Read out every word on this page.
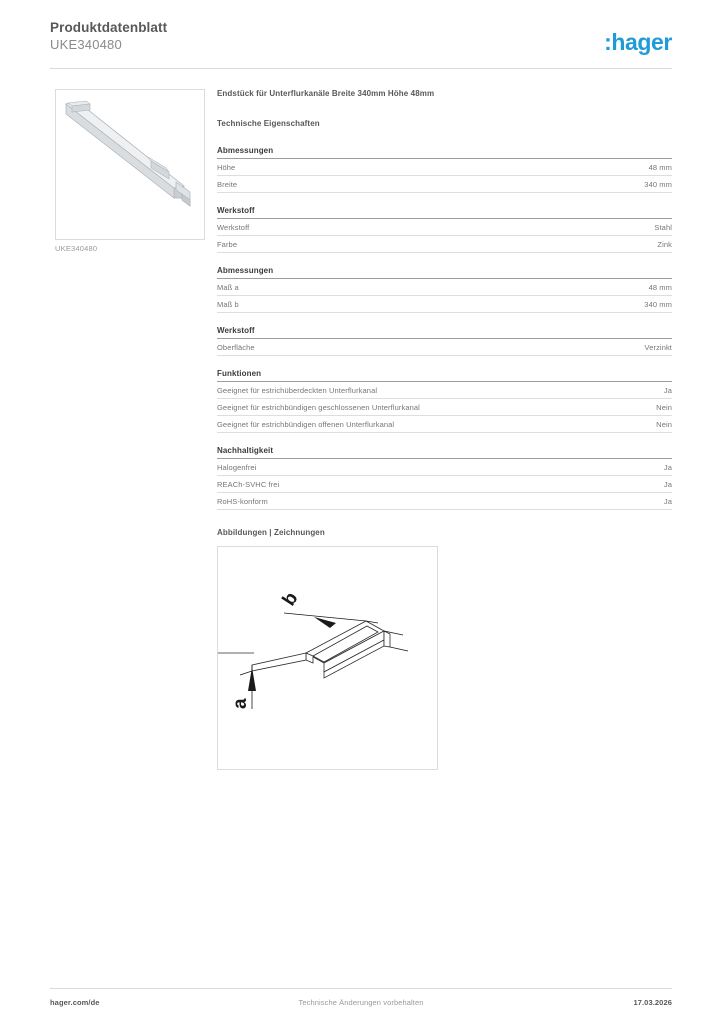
Produktdatenblatt
UKE340480	:hager
UKE340480
Endstück für Unterflurkanäle Breite 340mm Höhe 48mm
Technische Eigenschaften
Abmessungen
Höhe	48 mm
Breite	340 mm
Werkstoff
Werkstoff	Stahl
Farbe	Zink
Abmessungen
Maß a	48 mm
Maß b	340 mm
Werkstoff
Oberfläche	Verzinkt
Funktionen
Geeignet für estrichüberdeckten Unterflurkanal	Ja
Geeignet für estrichbündigen geschlossenen Unterflurkanal	Nein
Geeignet für estrichbündigen offenen Unterflurkanal	Nein
Nachhaltigkeit
Halogenfrei	Ja
REACh-SVHC frei	Ja
RoHS-konform	Ja
Abbildungen | Zeichnungen
b
a
hager.com/de	Technische Änderungen vorbehalten	17.03.2026
